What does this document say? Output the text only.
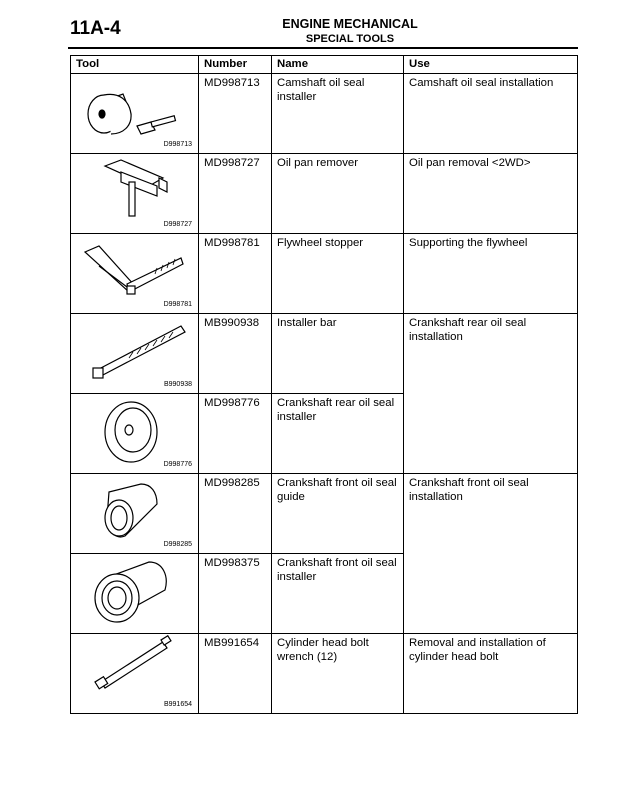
11A-4	ENGINE MECHANICAL
SPECIAL TOOLS
Tool	Number	Name	Use

D998713	MD998713	Camshaft oil seal installer	Camshaft oil seal installation

D998727	MD998727	Oil pan remover	Oil pan removal <2WD>

D998781	MD998781	Flywheel stopper	Supporting the flywheel

B990938	MB990938	Installer bar	Crankshaft rear oil seal installation

D998776	MD998776	Crankshaft rear oil seal installer	

D998285	MD998285	Crankshaft front oil seal guide	Crankshaft front oil seal installation

	MD998375	Crankshaft front oil seal installer	

B991654	MB991654	Cylinder head bolt wrench (12)	Removal and installation of cylinder head bolt
